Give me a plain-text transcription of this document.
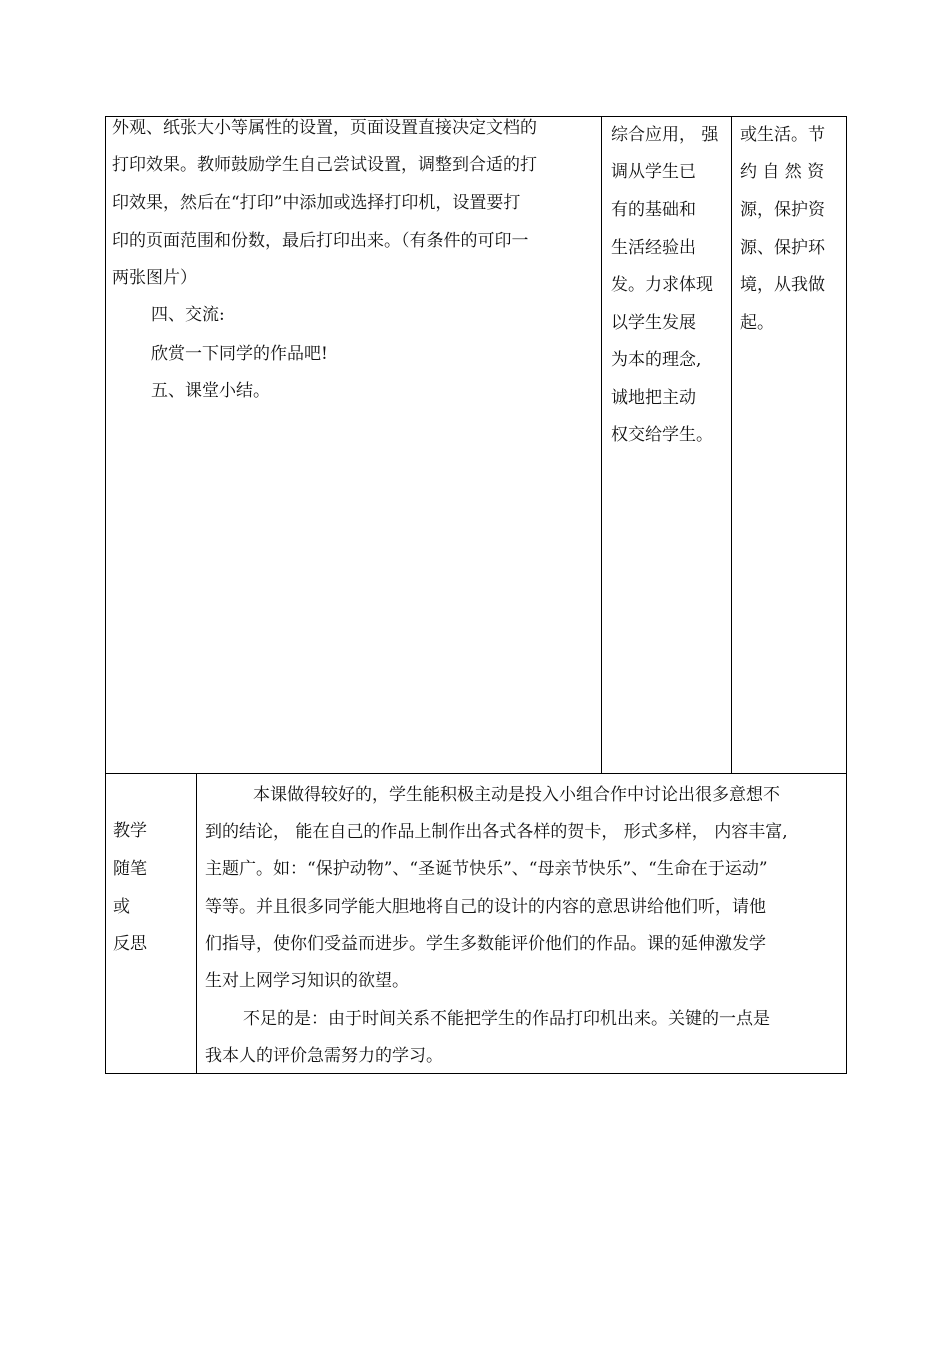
外观、纸张大小等属性的设置，页面设置直接决定文档的
打印效果。教师鼓励学生自己尝试设置，调整到合适的打
印效果，然后在“打印”中添加或选择打印机，设置要打
印的页面范围和份数，最后打印出来。（有条件的可印一
两张图片）
四、交流:
欣赏一下同学的作品吧!
五、课堂小结。
综合应用， 强
调从学生已
有的基础和
生活经验出
发。力求体现
以学生发展
为本的理念,
诚地把主动
权交给学生。
或生活。节
约 自 然 资
源，保护资
源、保护环
境，从我做
起。
教学
随笔
或
反思
本课做得较好的，学生能积极主动是投入小组合作中讨论出很多意想不
到的结论， 能在自己的作品上制作出各式各样的贺卡， 形式多样， 内容丰富,
主题广。如：“保护动物”、“圣诞节快乐”、“母亲节快乐”、“生命在于运动”
等等。并且很多同学能大胆地将自己的设计的内容的意思讲给他们听，请他
们指导，使你们受益而进步。学生多数能评价他们的作品。课的延伸激发学
生对上网学习知识的欲望。
不足的是：由于时间关系不能把学生的作品打印机出来。关键的一点是
我本人的评价急需努力的学习。
